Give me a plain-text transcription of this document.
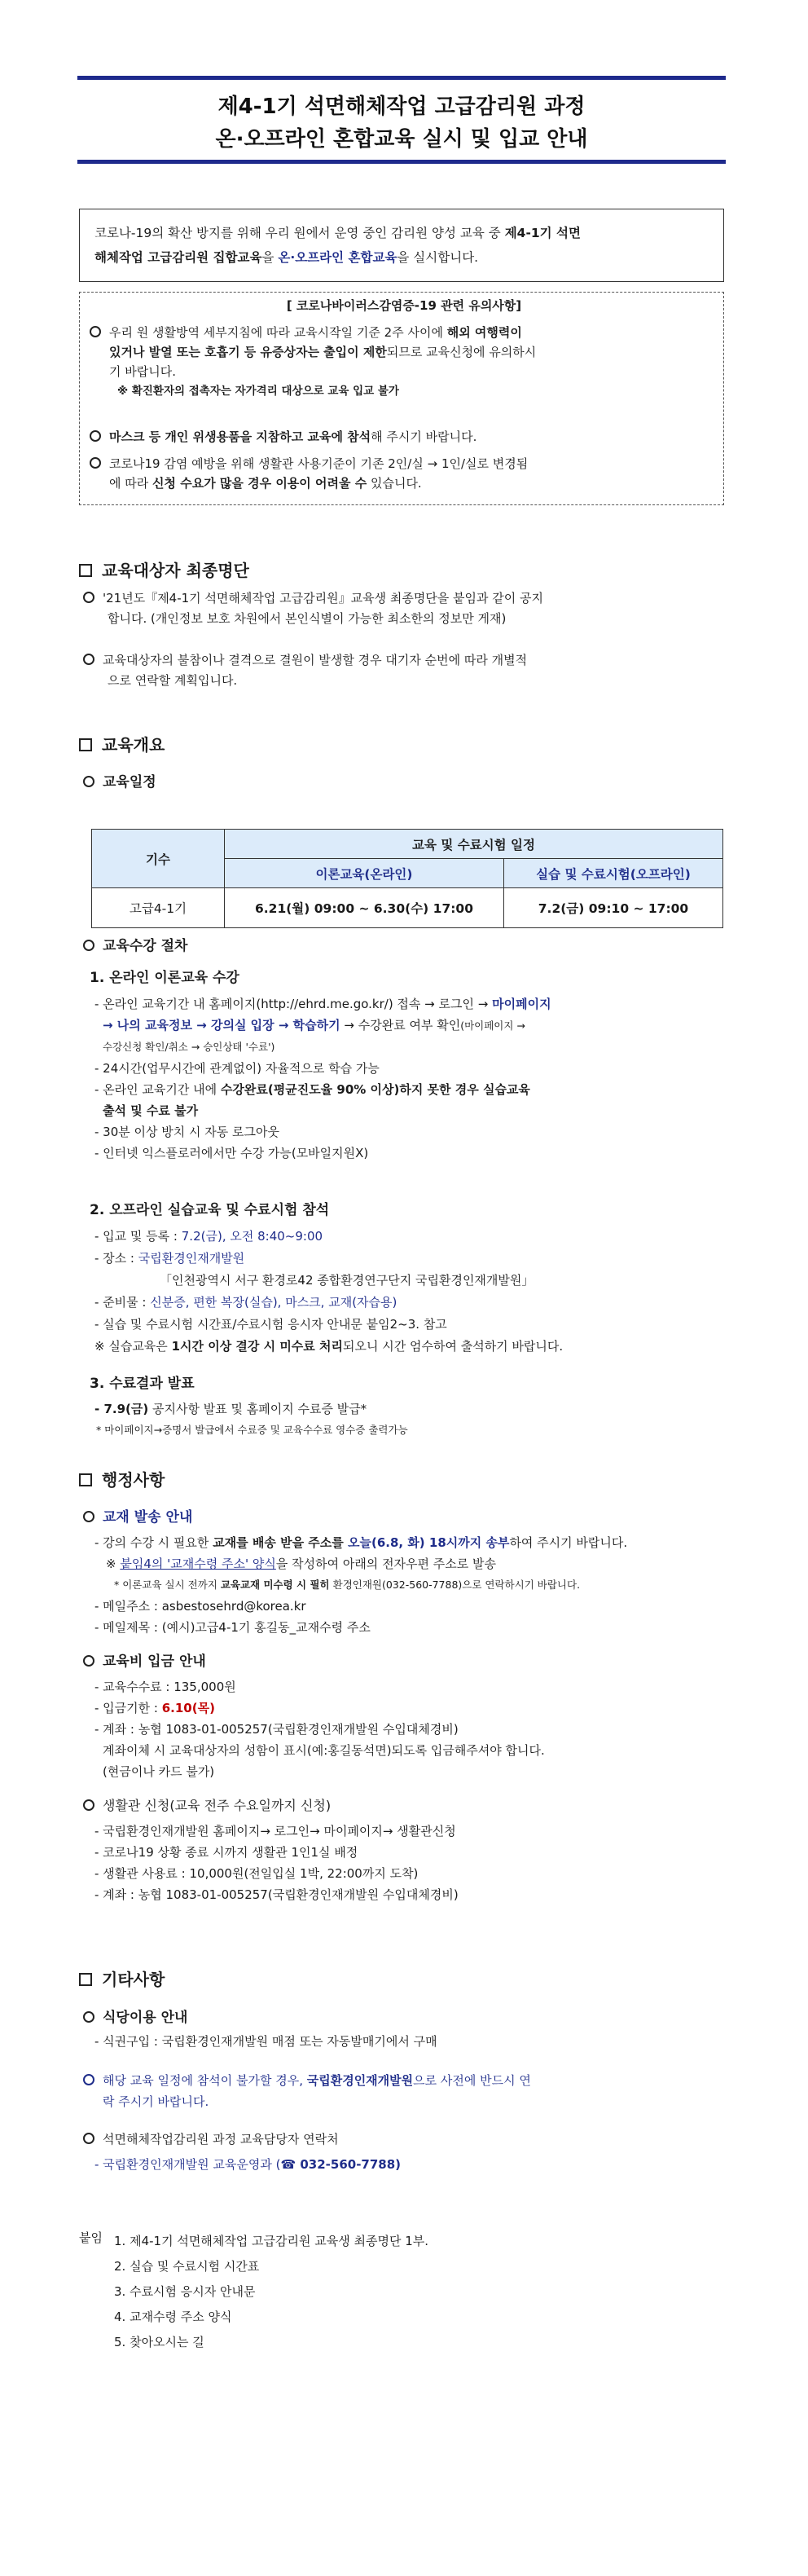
제4-1기 석면해체작업 고급감리원 과정
온·오프라인 혼합교육 실시 및 입교 안내
코로나-19의 확산 방지를 위해 우리 원에서 운영 중인 감리원 양성 교육 중 제4-1기 석면
해체작업 고급감리원 집합교육을 온·오프라인 혼합교육을 실시합니다.
[ 코로나바이러스감염증-19 관련 유의사항]
우리 원 생활방역 세부지침에 따라 교육시작일 기준 2주 사이에 해외 여행력이
있거나 발열 또는 호흡기 등 유증상자는 출입이 제한되므로 교육신청에 유의하시
기 바랍니다.
※ 확진환자의 접촉자는 자가격리 대상으로 교육 입교 불가
마스크 등 개인 위생용품을 지참하고 교육에 참석해 주시기 바랍니다.
코로나19 감염 예방을 위해 생활관 사용기준이 기존 2인/실 → 1인/실로 변경됨
에 따라 신청 수요가 많을 경우 이용이 어려울 수 있습니다.
교육대상자 최종명단
'21년도『제4-1기 석면해체작업 고급감리원』교육생 최종명단을 붙임과 같이 공지
합니다. (개인정보 보호 차원에서 본인식별이 가능한 최소한의 정보만 게재)
교육대상자의 불참이나 결격으로 결원이 발생할 경우 대기자 순번에 따라 개별적
으로 연락할 계획입니다.
교육개요
교육일정
기수	교육 및 수료시험 일정	
	이론교육(온라인)	실습 및 수료시험(오프라인)
고급4-1기	6.21(월) 09:00 ~ 6.30(수) 17:00	7.2(금) 09:10 ~ 17:00
교육수강 절차
1. 온라인 이론교육 수강
- 온라인 교육기간 내 홈페이지(http://ehrd.me.go.kr/) 접속 → 로그인 → 마이페이지
→ 나의 교육정보 → 강의실 입장 → 학습하기 → 수강완료 여부 확인(마이페이지 →
수강신청 확인/취소 → 승인상태 '수료')
- 24시간(업무시간에 관계없이) 자율적으로 학습 가능
- 온라인 교육기간 내에 수강완료(평균진도율 90% 이상)하지 못한 경우 실습교육
출석 및 수료 불가
- 30분 이상 방치 시 자동 로그아웃
- 인터넷 익스플로러에서만 수강 가능(모바일지원X)
2. 오프라인 실습교육 및 수료시험 참석
- 입교 및 등록 : 7.2(금), 오전 8:40~9:00
- 장소 : 국립환경인재개발원
「인천광역시 서구 환경로42 종합환경연구단지 국립환경인재개발원」
- 준비물 : 신분증, 편한 복장(실습), 마스크, 교재(자습용)
- 실습 및 수료시험 시간표/수료시험 응시자 안내문 붙임2~3. 참고
※ 실습교육은 1시간 이상 결강 시 미수료 처리되오니 시간 엄수하여 출석하기 바랍니다.
3. 수료결과 발표
- 7.9(금) 공지사항 발표 및 홈페이지 수료증 발급*
* 마이페이지→증명서 발급에서 수료증 및 교육수수료 영수증 출력가능
행정사항
교재 발송 안내
- 강의 수강 시 필요한 교재를 배송 받을 주소를 오늘(6.8, 화) 18시까지 송부하여 주시기 바랍니다.
※ 붙임4의 '교재수령 주소' 양식을 작성하여 아래의 전자우편 주소로 발송
* 이론교육 실시 전까지 교육교재 미수령 시 필히 환경인재원(032-560-7788)으로 연락하시기 바랍니다.
- 메일주소 : asbestosehrd@korea.kr
- 메일제목 : (예시)고급4-1기 홍길동_교재수령 주소
교육비 입금 안내
- 교육수수료 : 135,000원
- 입금기한 : 6.10(목)
- 계좌 : 농협 1083-01-005257(국립환경인재개발원 수입대체경비)
계좌이체 시 교육대상자의 성함이 표시(예:홍길동석면)되도록 입금해주셔야 합니다.
(현금이나 카드 불가)
생활관 신청(교육 전주 수요일까지 신청)
- 국립환경인재개발원 홈페이지→ 로그인→ 마이페이지→ 생활관신청
- 코로나19 상황 종료 시까지 생활관 1인1실 배정
- 생활관 사용료 : 10,000원(전일입실 1박, 22:00까지 도착)
- 계좌 : 농협 1083-01-005257(국립환경인재개발원 수입대체경비)
기타사항
식당이용 안내
- 식권구입 : 국립환경인재개발원 매점 또는 자동발매기에서 구매
해당 교육 일정에 참석이 불가할 경우, 국립환경인재개발원으로 사전에 반드시 연
락 주시기 바랍니다.
석면해체작업감리원 과정 교육담당자 연락처
- 국립환경인재개발원 교육운영과 (☎ 032-560-7788)
붙임 1. 제4-1기 석면해체작업 고급감리원 교육생 최종명단 1부.
2. 실습 및 수료시험 시간표
3. 수료시험 응시자 안내문
4. 교재수령 주소 양식
5. 찾아오시는 길
